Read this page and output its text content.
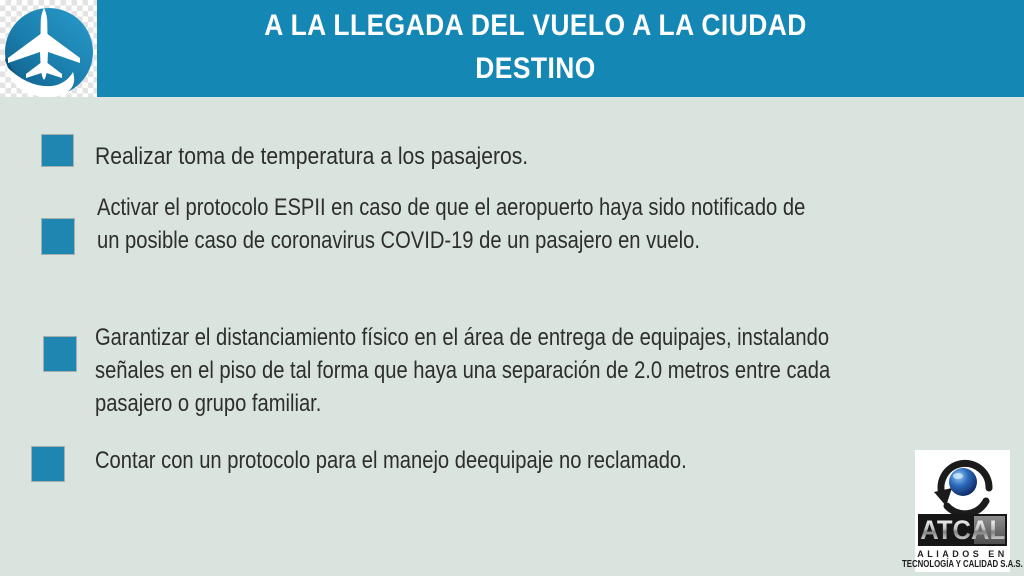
A LA LLEGADA DEL VUELO A LA CIUDAD
DESTINO
Realizar toma de temperatura a los pasajeros.
Activar el protocolo ESPII en caso de que el aeropuerto haya sido notificado de
un posible caso de coronavirus COVID-19 de un pasajero en vuelo.
Garantizar el distanciamiento físico en el área de entrega de equipajes, instalando
señales en el piso de tal forma que haya una separación de 2.0 metros entre cada
pasajero o grupo familiar.
Contar con un protocolo para el manejo deequipaje no reclamado.
ATCAL
ALIADOS EN
TECNOLOGÍA Y CALIDAD S.A.S.
